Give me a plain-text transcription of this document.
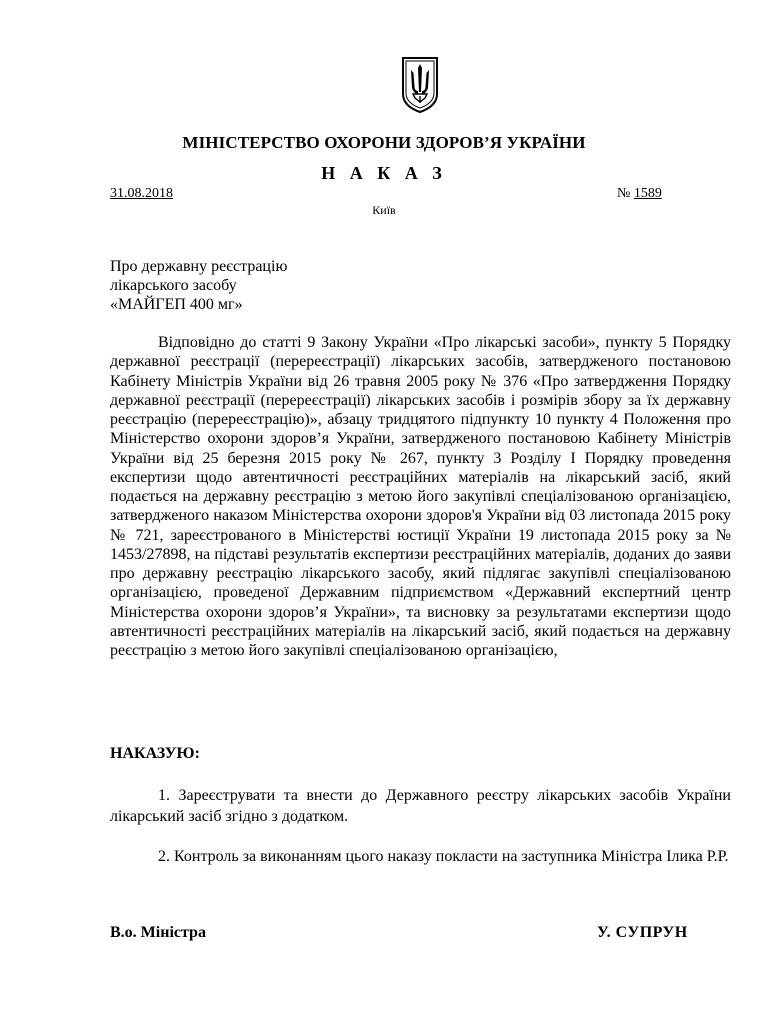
МІНІСТЕРСТВО ОХОРОНИ ЗДОРОВ’Я УКРАЇНИ
Н А К А З
31.08.2018	№ 1589
Київ
Про державну реєстрацію
лікарського засобу
«МАЙГЕП 400 мг»

Відповідно до статті 9 Закону України «Про лікарські засоби», пункту 5 Порядку державної реєстрації (перереєстрації) лікарських засобів, затвердженого постановою Кабінету Міністрів України від 26 травня 2005 року № 376 «Про затвердження Порядку державної реєстрації (перереєстрації) лікарських засобів і розмірів збору за їх державну реєстрацію (перереєстрацію)», абзацу тридцятого підпункту 10 пункту 4 Положення про Міністерство охорони здоров’я України, затвердженого постановою Кабінету Міністрів України від 25 березня 2015 року № 267, пункту 3 Розділу І Порядку проведення експертизи щодо автентичності реєстраційних матеріалів на лікарський засіб, який подається на державну реєстрацію з метою його закупівлі спеціалізованою організацією, затвердженого наказом Міністерства охорони здоров'я України від 03 листопада 2015 року № 721, зареєстрованого в Міністерстві юстиції України 19 листопада 2015 року за № 1453/27898, на підставі результатів експертизи реєстраційних матеріалів, доданих до заяви про державну реєстрацію лікарського засобу, який підлягає закупівлі спеціалізованою організацією, проведеної Державним підприємством «Державний експертний центр Міністерства охорони здоров’я України», та висновку за результатами експертизи щодо автентичності реєстраційних матеріалів на лікарський засіб, який подається на державну реєстрацію з метою його закупівлі спеціалізованою організацією,

НАКАЗУЮ:

1. Зареєструвати та внести до Державного реєстру лікарських засобів України лікарський засіб згідно з додатком.

2. Контроль за виконанням цього наказу покласти на заступника Міністра Ілика Р.Р.

В.о. Міністра	У. СУПРУН
